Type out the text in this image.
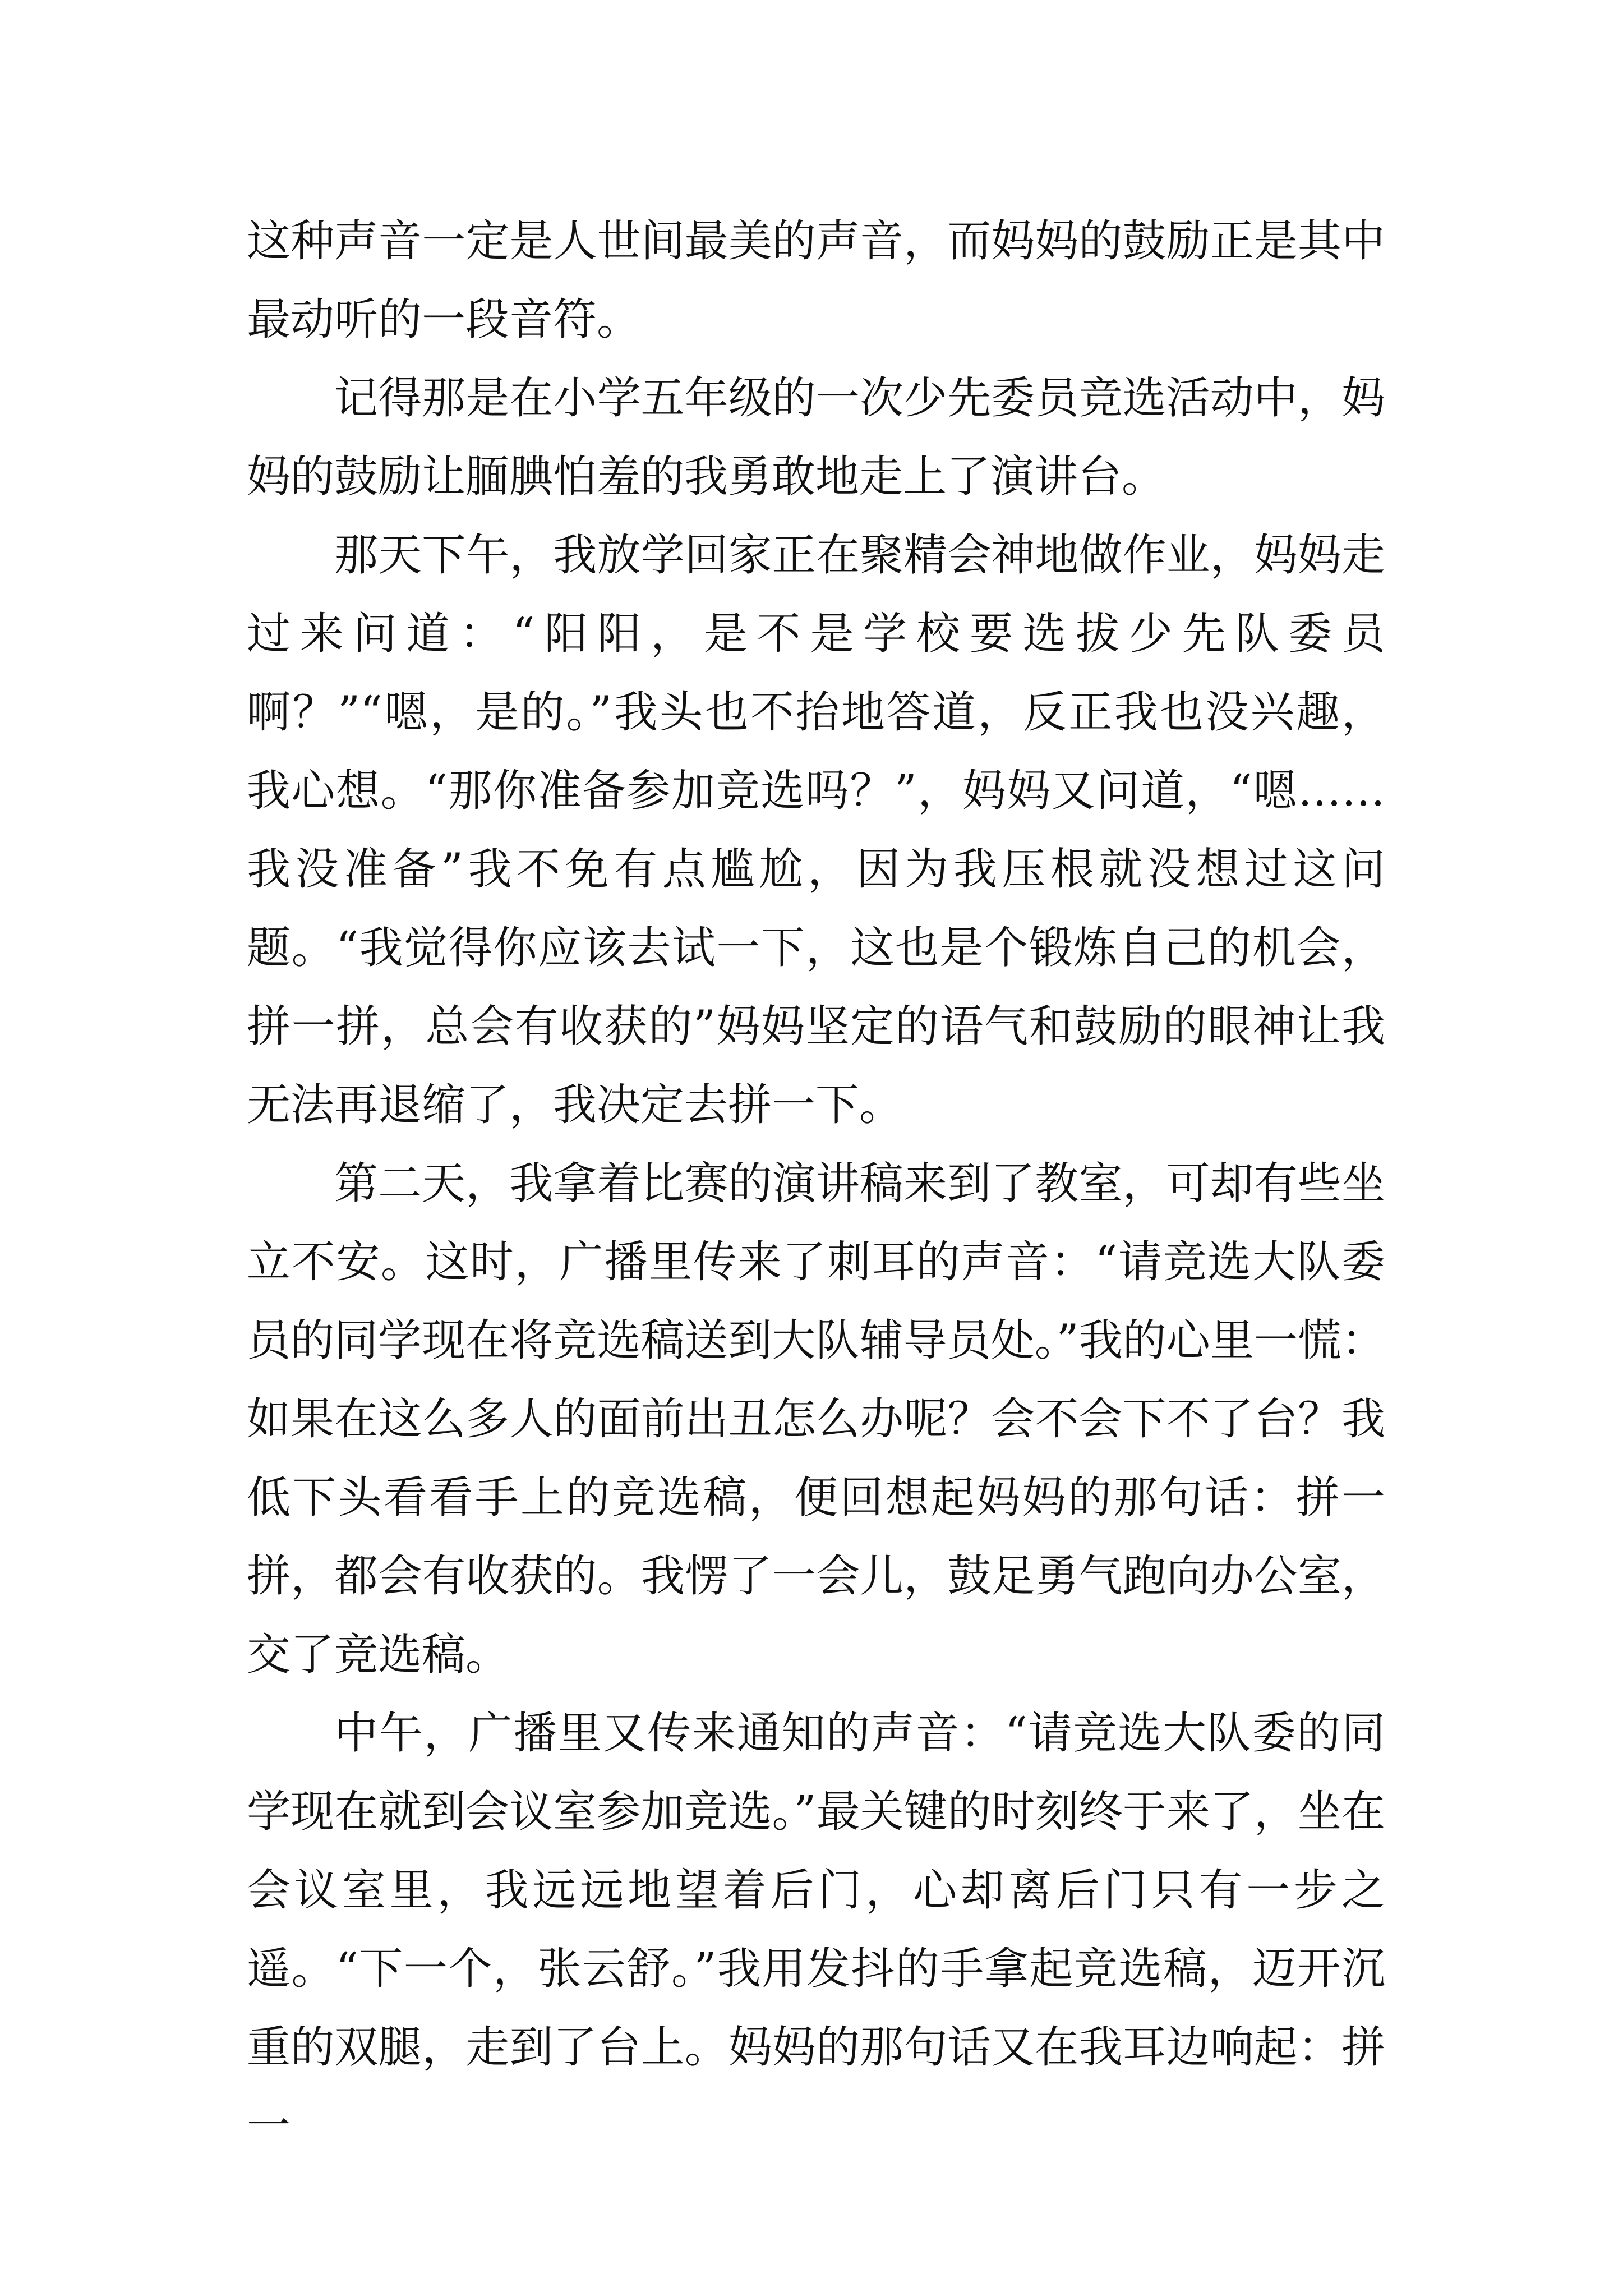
这种声音一定是人世间最美的声音，而妈妈的鼓励正是其中最动听的一段音符。

记得那是在小学五年级的一次少先委员竞选活动中，妈妈的鼓励让腼腆怕羞的我勇敢地走上了演讲台。

那天下午，我放学回家正在聚精会神地做作业，妈妈走过来问道：“阳阳，是不是学校要选拔少先队委员啊？”“嗯，是的。”我头也不抬地答道，反正我也没兴趣，我心想。“那你准备参加竞选吗？”，妈妈又问道，“嗯……我没准备”我不免有点尴尬，因为我压根就没想过这问题。“我觉得你应该去试一下，这也是个锻炼自己的机会，拼一拼，总会有收获的”妈妈坚定的语气和鼓励的眼神让我无法再退缩了，我决定去拼一下。

第二天，我拿着比赛的演讲稿来到了教室，可却有些坐立不安。这时，广播里传来了刺耳的声音：“请竞选大队委员的同学现在将竞选稿送到大队辅导员处。”我的心里一慌：如果在这么多人的面前出丑怎么办呢？会不会下不了台？我低下头看看手上的竞选稿，便回想起妈妈的那句话：拼一拼，都会有收获的。我愣了一会儿，鼓足勇气跑向办公室，交了竞选稿。

中午，广播里又传来通知的声音：“请竞选大队委的同学现在就到会议室参加竞选。”最关键的时刻终于来了，坐在会议室里，我远远地望着后门，心却离后门只有一步之遥。“下一个，张云舒。”我用发抖的手拿起竞选稿，迈开沉重的双腿，走到了台上。妈妈的那句话又在我耳边响起：拼一
